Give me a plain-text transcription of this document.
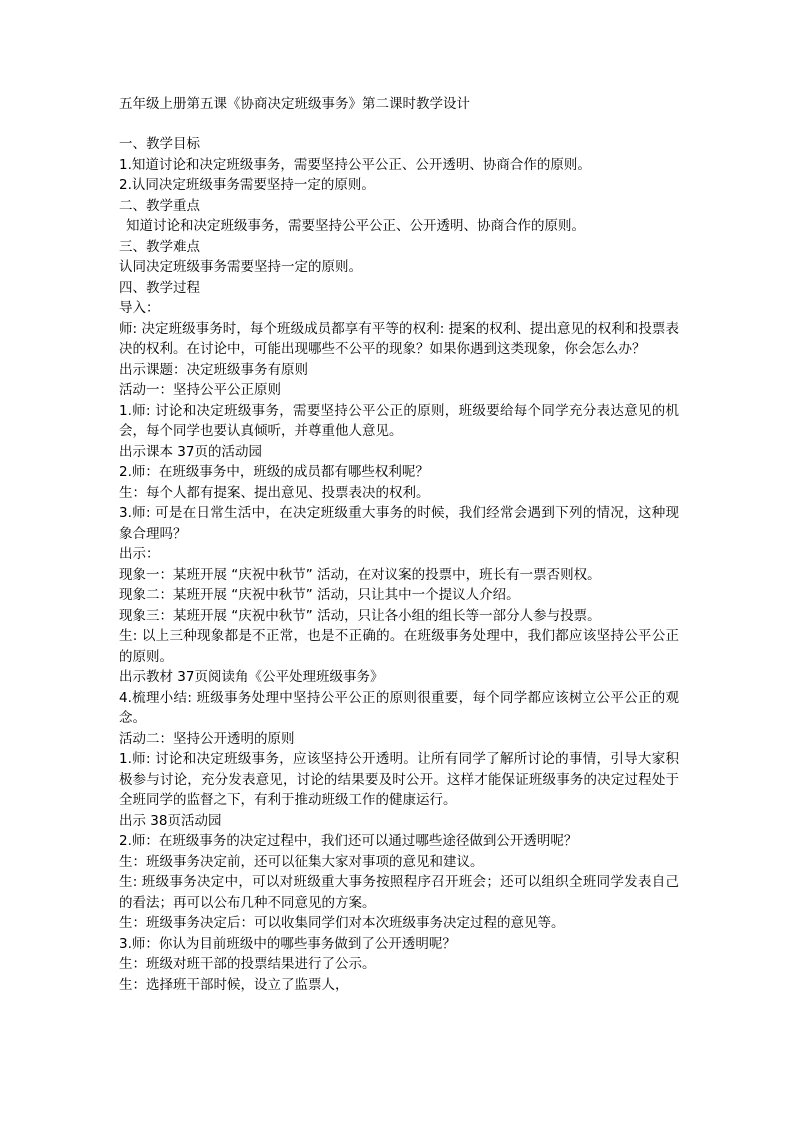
五年级上册第五课《协商决定班级事务》第二课时教学设计
一、教学目标
1.知道讨论和决定班级事务，需要坚持公平公正、公开透明、协商合作的原则。
2.认同决定班级事务需要坚持一定的原则。
二、教学重点
知道讨论和决定班级事务，需要坚持公平公正、公开透明、协商合作的原则。
三、教学难点
认同决定班级事务需要坚持一定的原则。
四、教学过程
导入：
师: 决定班级事务时，每个班级成员都享有平等的权利: 提案的权利、提出意见的权利和投票表决的权利。在讨论中，可能出现哪些不公平的现象？如果你遇到这类现象，你会怎么办？
出示课题：决定班级事务有原则
活动一：坚持公平公正原则
1.师: 讨论和决定班级事务，需要坚持公平公正的原则，班级要给每个同学充分表达意见的机会，每个同学也要认真倾听，并尊重他人意见。
出示课本 37页的活动园
2.师：在班级事务中，班级的成员都有哪些权利呢？
生：每个人都有提案、提出意见、投票表决的权利。
3.师: 可是在日常生活中，在决定班级重大事务的时候，我们经常会遇到下列的情况，这种现象合理吗？
出示：
现象一：某班开展 “庆祝中秋节” 活动，在对议案的投票中，班长有一票否则权。
现象二：某班开展 “庆祝中秋节” 活动，只让其中一个提议人介绍。
现象三：某班开展 “庆祝中秋节” 活动，只让各小组的组长等一部分人参与投票。
生: 以上三种现象都是不正常，也是不正确的。在班级事务处理中，我们都应该坚持公平公正的原则。
出示教材 37页阅读角《公平处理班级事务》
4.梳理小结: 班级事务处理中坚持公平公正的原则很重要，每个同学都应该树立公平公正的观念。
活动二：坚持公开透明的原则
1.师: 讨论和决定班级事务，应该坚持公开透明。让所有同学了解所讨论的事情，引导大家积极参与讨论，充分发表意见，讨论的结果要及时公开。这样才能保证班级事务的决定过程处于全班同学的监督之下，有利于推动班级工作的健康运行。
出示 38页活动园
2.师：在班级事务的决定过程中，我们还可以通过哪些途径做到公开透明呢？
生：班级事务决定前，还可以征集大家对事项的意见和建议。
生: 班级事务决定中，可以对班级重大事务按照程序召开班会；还可以组织全班同学发表自己的看法；再可以公布几种不同意见的方案。
生：班级事务决定后：可以收集同学们对本次班级事务决定过程的意见等。
3.师：你认为目前班级中的哪些事务做到了公开透明呢？
生：班级对班干部的投票结果进行了公示。
生：选择班干部时候，设立了监票人，
